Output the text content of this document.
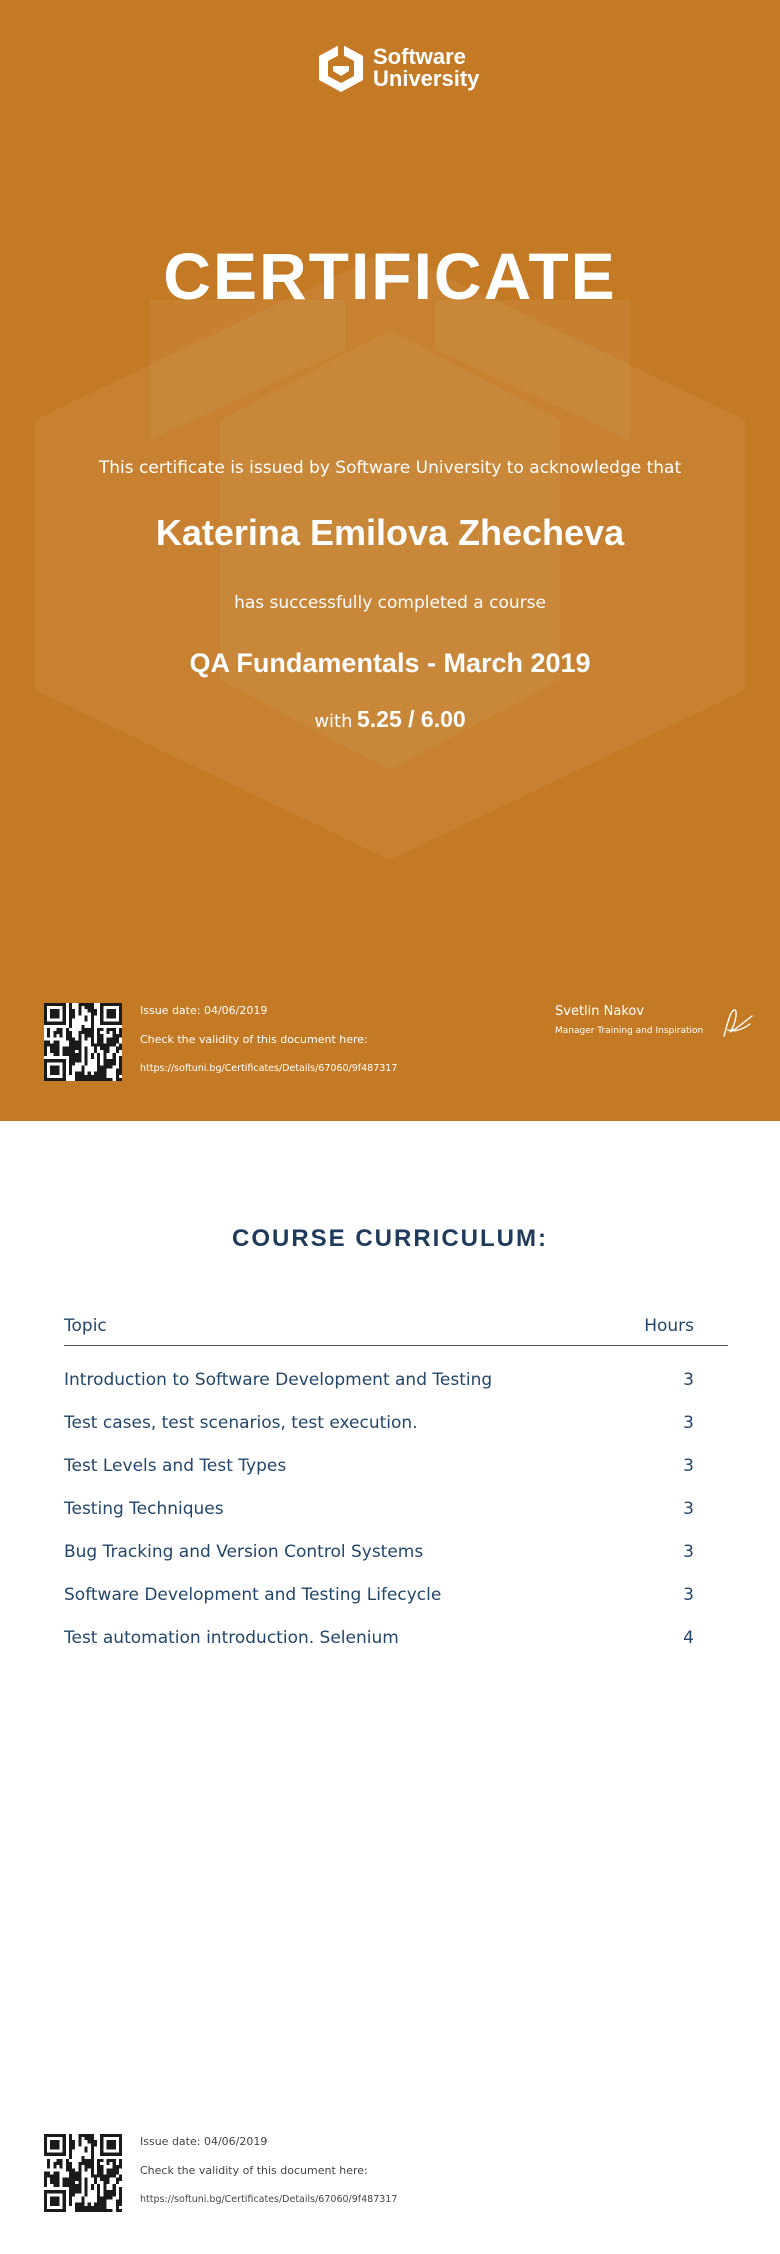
Software
University
CERTIFICATE
This certificate is issued by Software University to acknowledge that
Katerina Emilova Zhecheva
has successfully completed a course
QA Fundamentals - March 2019
with 5.25 / 6.00
Issue date: 04/06/2019
Check the validity of this document here:
https://softuni.bg/Certificates/Details/67060/9f487317
Svetlin Nakov
Manager Training and Inspiration
COURSE CURRICULUM:
Topic	Hours
Introduction to Software Development and Testing	3
Test cases, test scenarios, test execution.	3
Test Levels and Test Types	3
Testing Techniques	3
Bug Tracking and Version Control Systems	3
Software Development and Testing Lifecycle	3
Test automation introduction. Selenium	4
Issue date: 04/06/2019
Check the validity of this document here:
https://softuni.bg/Certificates/Details/67060/9f487317
